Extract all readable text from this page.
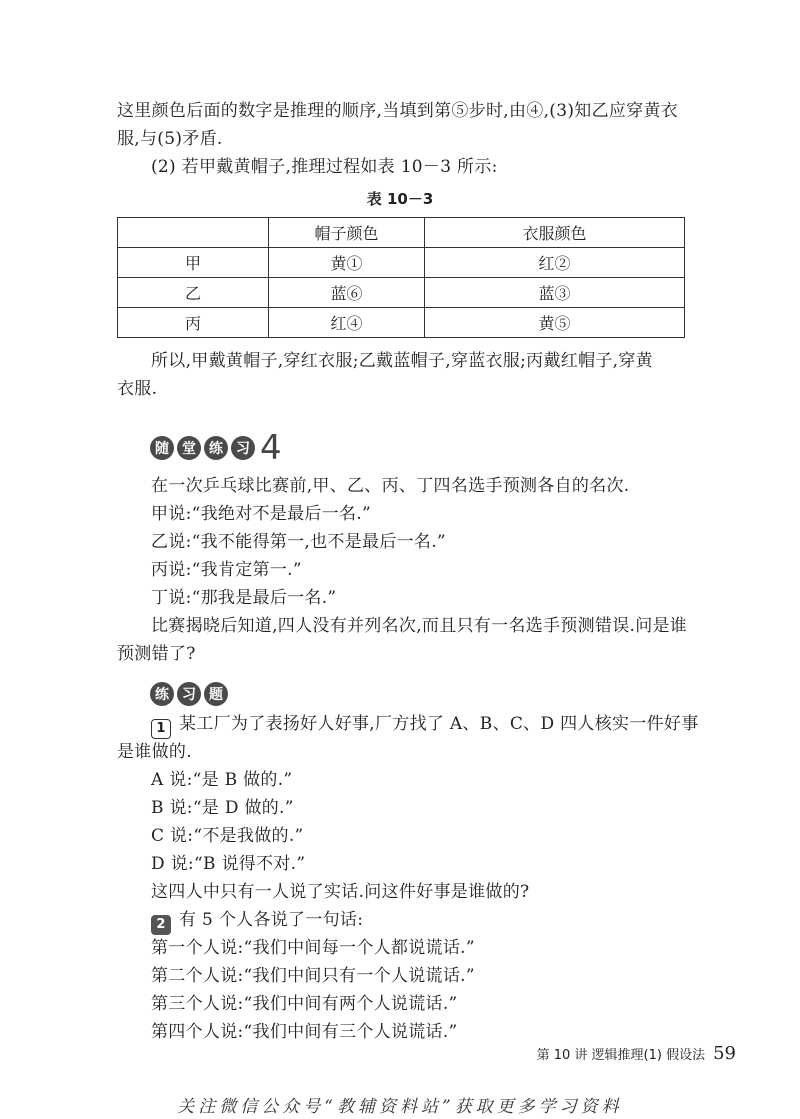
这里颜色后面的数字是推理的顺序,当填到第⑤步时,由④,(3)知乙应穿黄衣
服,与(5)矛盾.
(2) 若甲戴黄帽子,推理过程如表 10－3 所示:
表 10－3
	帽子颜色	衣服颜色
甲	黄①	红②
乙	蓝⑥	蓝③
丙	红④	黄⑤
所以,甲戴黄帽子,穿红衣服;乙戴蓝帽子,穿蓝衣服;丙戴红帽子,穿黄
衣服.
随 堂 练 习 4
在一次乒乓球比赛前,甲、乙、丙、丁四名选手预测各自的名次.
甲说:“我绝对不是最后一名.”
乙说:“我不能得第一,也不是最后一名.”
丙说:“我肯定第一.”
丁说:“那我是最后一名.”
比赛揭晓后知道,四人没有并列名次,而且只有一名选手预测错误.问是谁
预测错了?
练 习 题
1 某工厂为了表扬好人好事,厂方找了 A、B、C、D 四人核实一件好事
是谁做的.
A 说:“是 B 做的.”
B 说:“是 D 做的.”
C 说:“不是我做的.”
D 说:“B 说得不对.”
这四人中只有一人说了实话.问这件好事是谁做的?
2 有 5 个人各说了一句话:
第一个人说:“我们中间每一个人都说谎话.”
第二个人说:“我们中间只有一个人说谎话.”
第三个人说:“我们中间有两个人说谎话.”
第四个人说:“我们中间有三个人说谎话.”
第 10 讲 逻辑推理(1) 假设法 59
关注微信公众号“教辅资料站”获取更多学习资料
